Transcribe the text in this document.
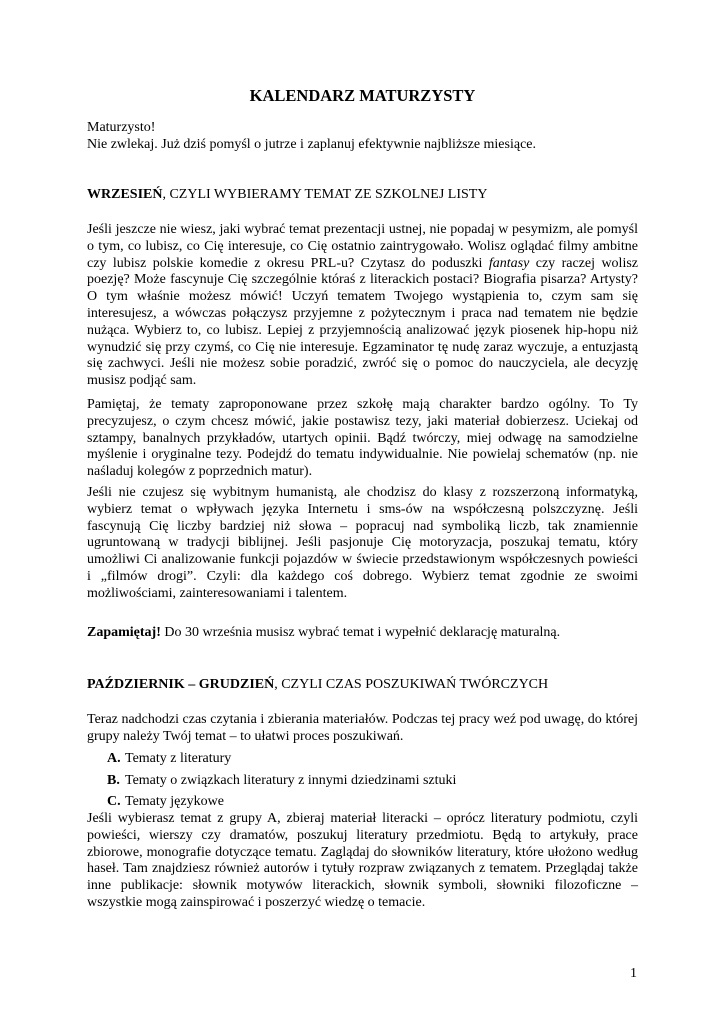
KALENDARZ MATURZYSTY
Maturzysto!
Nie zwlekaj. Już dziś pomyśl o jutrze i zaplanuj efektywnie najbliższe miesiące.
WRZESIEŃ, CZYLI WYBIERAMY TEMAT ZE SZKOLNEJ LISTY

Jeśli jeszcze nie wiesz, jaki wybrać temat prezentacji ustnej, nie popadaj w pesymizm, ale pomyśl o tym, co lubisz, co Cię interesuje, co Cię ostatnio zaintrygowało. Wolisz oglądać filmy ambitne czy lubisz polskie komedie z okresu PRL-u? Czytasz do poduszki fantasy czy raczej wolisz poezję? Może fascynuje Cię szczególnie któraś z literackich postaci? Biografia pisarza? Artysty? O tym właśnie możesz mówić! Uczyń tematem Twojego wystąpienia to, czym sam się interesujesz, a wówczas połączysz przyjemne z pożytecznym i praca nad tematem nie będzie nużąca. Wybierz to, co lubisz. Lepiej z przyjemnością analizować język piosenek hip-hopu niż wynudzić się przy czymś, co Cię nie interesuje. Egzaminator tę nudę zaraz wyczuje, a entuzjastą się zachwyci. Jeśli nie możesz sobie poradzić, zwróć się o pomoc do nauczyciela, ale decyzję musisz podjąć sam.

Pamiętaj, że tematy zaproponowane przez szkołę mają charakter bardzo ogólny. To Ty precyzujesz, o czym chcesz mówić, jakie postawisz tezy, jaki materiał dobierzesz. Uciekaj od sztampy, banalnych przykładów, utartych opinii. Bądź twórczy, miej odwagę na samodzielne myślenie i oryginalne tezy. Podejdź do tematu indywidualnie. Nie powielaj schematów (np. nie naśladuj kolegów z poprzednich matur).

Jeśli nie czujesz się wybitnym humanistą, ale chodzisz do klasy z rozszerzoną informatyką, wybierz temat o wpływach języka Internetu i sms-ów na współczesną polszczyznę. Jeśli fascynują Cię liczby bardziej niż słowa – popracuj nad symboliką liczb, tak znamiennie ugruntowaną w tradycji biblijnej. Jeśli pasjonuje Cię motoryzacja, poszukaj tematu, który umożliwi Ci analizowanie funkcji pojazdów w świecie przedstawionym współczesnych powieści i „filmów drogi”. Czyli: dla każdego coś dobrego. Wybierz temat zgodnie ze swoimi możliwościami, zainteresowaniami i talentem.

Zapamiętaj! Do 30 września musisz wybrać temat i wypełnić deklarację maturalną.

PAŹDZIERNIK – GRUDZIEŃ, CZYLI CZAS POSZUKIWAŃ TWÓRCZYCH

Teraz nadchodzi czas czytania i zbierania materiałów. Podczas tej pracy weź pod uwagę, do której grupy należy Twój temat – to ułatwi proces poszukiwań.

A. Tematy z literatury
B. Tematy o związkach literatury z innymi dziedzinami sztuki
C. Tematy językowe

Jeśli wybierasz temat z grupy A, zbieraj materiał literacki – oprócz literatury podmiotu, czyli powieści, wierszy czy dramatów, poszukuj literatury przedmiotu. Będą to artykuły, prace zbiorowe, monografie dotyczące tematu. Zaglądaj do słowników literatury, które ułożono według haseł. Tam znajdziesz również autorów i tytuły rozpraw związanych z tematem. Przeglądaj także inne publikacje: słownik motywów literackich, słownik symboli, słowniki filozoficzne – wszystkie mogą zainspirować i poszerzyć wiedzę o temacie.

1
